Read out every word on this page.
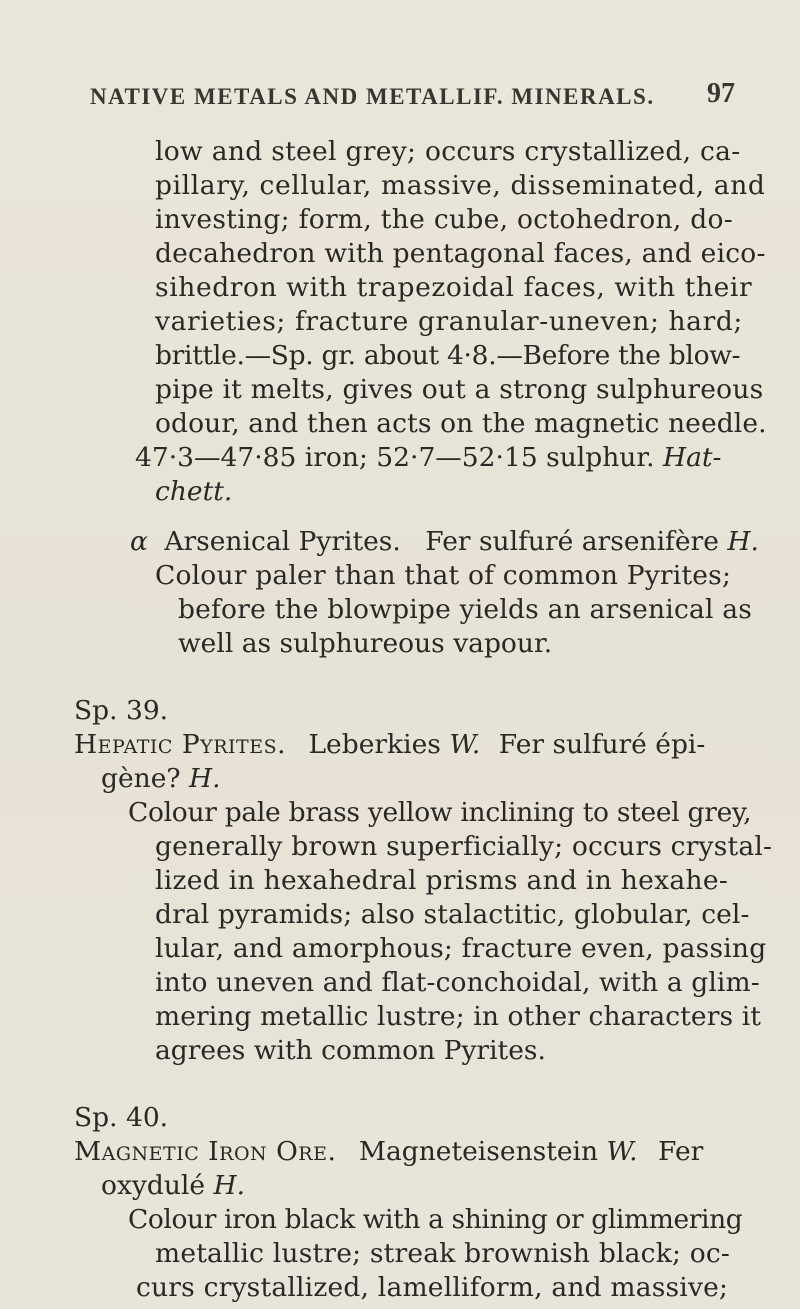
NATIVE METALS AND METALLIF. MINERALS. 97
low and steel grey; occurs crystallized, ca-
pillary, cellular, massive, disseminated, and
investing; form, the cube, octohedron, do-
decahedron with pentagonal faces, and eico-
sihedron with trapezoidal faces, with their
varieties; fracture granular-uneven; hard;
brittle.—Sp. gr. about 4·8.—Before the blow-
pipe it melts, gives out a strong sulphureous
odour, and then acts on the magnetic needle.
47·3—47·85 iron; 52·7—52·15 sulphur. Hat-
chett.
α Arsenical Pyrites. Fer sulfuré arsenifère H.
Colour paler than that of common Pyrites;
before the blowpipe yields an arsenical as
well as sulphureous vapour.
Sp. 39.
Hepatic Pyrites. Leberkies W. Fer sulfuré épi-
gène? H.
Colour pale brass yellow inclining to steel grey,
generally brown superficially; occurs crystal-
lized in hexahedral prisms and in hexahe-
dral pyramids; also stalactitic, globular, cel-
lular, and amorphous; fracture even, passing
into uneven and flat-conchoidal, with a glim-
mering metallic lustre; in other characters it
agrees with common Pyrites.
Sp. 40.
Magnetic Iron Ore. Magneteisenstein W. Fer
oxydulé H.
Colour iron black with a shining or glimmering
metallic lustre; streak brownish black; oc-
curs crystallized, lamelliform, and massive;
